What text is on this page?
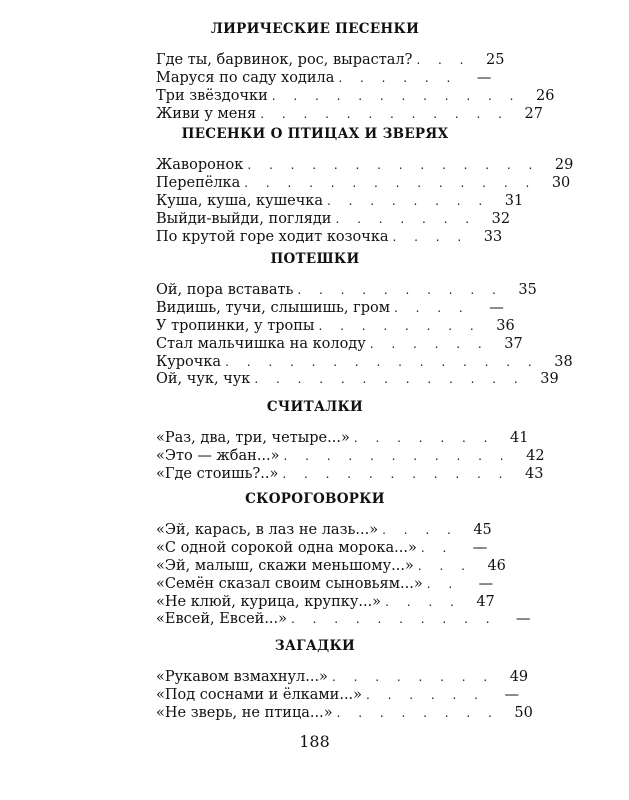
ЛИРИЧЕСКИЕ ПЕСЕНКИ
Где ты, барвинок, рос, вырастал? . . .	25
Маруся по саду ходила . . . . . .	—
Три звёздочки . . . . . . . . . . . .	26
Живи у меня . . . . . . . . . . . .	27
ПЕСЕНКИ О ПТИЦАХ И ЗВЕРЯХ
Жаворонок . . . . . . . . . . . . . .	29
Перепёлка . . . . . . . . . . . . . .	30
Куша, куша, кушечка . . . . . . . .	31
Выйди-выйди, погляди . . . . . . .	32
По крутой горе ходит козочка . . . .	33
ПОТЕШКИ
Ой, пора вставать . . . . . . . . . .	35
Видишь, тучи, слышишь, гром . . . .	—
У тропинки, у тропы . . . . . . . .	36
Стал мальчишка на колоду . . . . . .	37
Курочка . . . . . . . . . . . . . . .	38
Ой, чук, чук . . . . . . . . . . . . .	39
СЧИТАЛКИ
«Раз, два, три, четыре...» . . . . . . .	41
«Это — жбан...» . . . . . . . . . . .	42
«Где стоишь?..» . . . . . . . . . . .	43
СКОРОГОВОРКИ
«Эй, карась, в лаз не лазь...» . . . .	45
«С одной сорокой одна морока...» . .	—
«Эй, малыш, скажи меньшому...» . . .	46
«Семён сказал своим сыновьям...» . .	—
«Не клюй, курица, крупку...» . . . .	47
«Евсей, Евсей...» . . . . . . . . . .	—
ЗАГАДКИ
«Рукавом взмахнул...» . . . . . . . .	49
«Под соснами и ёлками...» . . . . . .	—
«Не зверь, не птица...» . . . . . . . .	50
188
